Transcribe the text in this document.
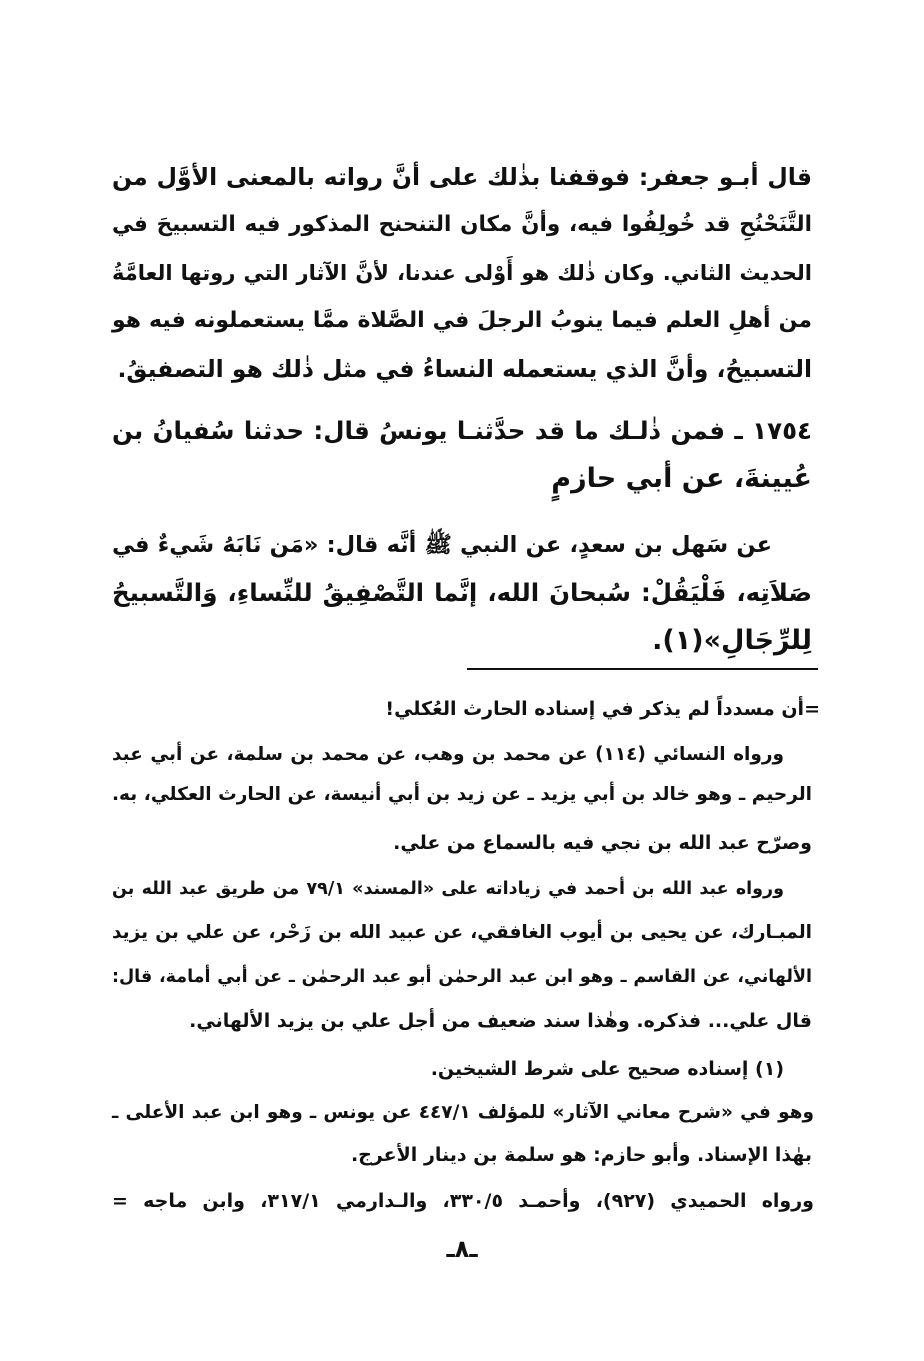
قال أبـو جعفر: فوقفنا بذٰلك على أنَّ رواته بالمعنى الأوَّل من
التَّنَحْنُحِ قد خُولِفُوا فيه، وأنَّ مكان التنحنح المذكور فيه التسبيحَ في
الحديث الثاني. وكان ذٰلك هو أَوْلى عندنا، لأنَّ الآثار التي روتها العامَّةُ
من أهلِ العلم فيما ينوبُ الرجلَ في الصَّلاة ممَّا يستعملونه فيه هو
التسبيحُ، وأنَّ الذي يستعمله النساءُ في مثل ذٰلك هو التصفيقُ.
١٧٥٤ ـ فمن ذٰلـك ما قد حدَّثنـا يونسُ قال: حدثنا سُفيانُ بن
عُيينةَ، عن أبي حازمٍ
عن سَهل بن سعدٍ، عن النبي ﷺ أنَّه قال: «مَن نَابَهُ شَيءٌ في
صَلاَتِه، فَلْيَقُلْ: سُبحانَ الله، إنَّما التَّصْفِيقُ للنِّساءِ، وَالتَّسبيحُ
لِلرِّجَالِ»(١).
=أن مسدداً لم يذكر في إسناده الحارث العُكلي!
ورواه النسائي (١١٤) عن محمد بن وهب، عن محمد بن سلمة، عن أبي عبد
الرحيم ـ وهو خالد بن أبي يزيد ـ عن زيد بن أبي أنيسة، عن الحارث العكلي، به.
وصرّح عبد الله بن نجي فيه بالسماع من علي.
ورواه عبد الله بن أحمد في زياداته على «المسند» ٧٩/١ من طريق عبد الله بن
المبـارك، عن يحيى بن أيوب الغافقي، عن عبيد الله بن زَحْر، عن علي بن يزيد
الألهاني، عن القاسم ـ وهو ابن عبد الرحمٰن أبو عبد الرحمٰن ـ عن أبي أمامة، قال:
قال علي... فذكره. وهٰذا سند ضعيف من أجل علي بن يزيد الألهاني.
(١) إسناده صحيح على شرط الشيخين.
وهو في «شرح معاني الآثار» للمؤلف ٤٤٧/١ عن يونس ـ وهو ابن عبد الأعلى ـ
بهٰذا الإسناد. وأبو حازم: هو سلمة بن دينار الأعرج.
ورواه الحميدي (٩٢٧)، وأحمـد ٣٣٠/٥، والـدارمي ٣١٧/١، وابن ماجه =
ـ٨ـ
